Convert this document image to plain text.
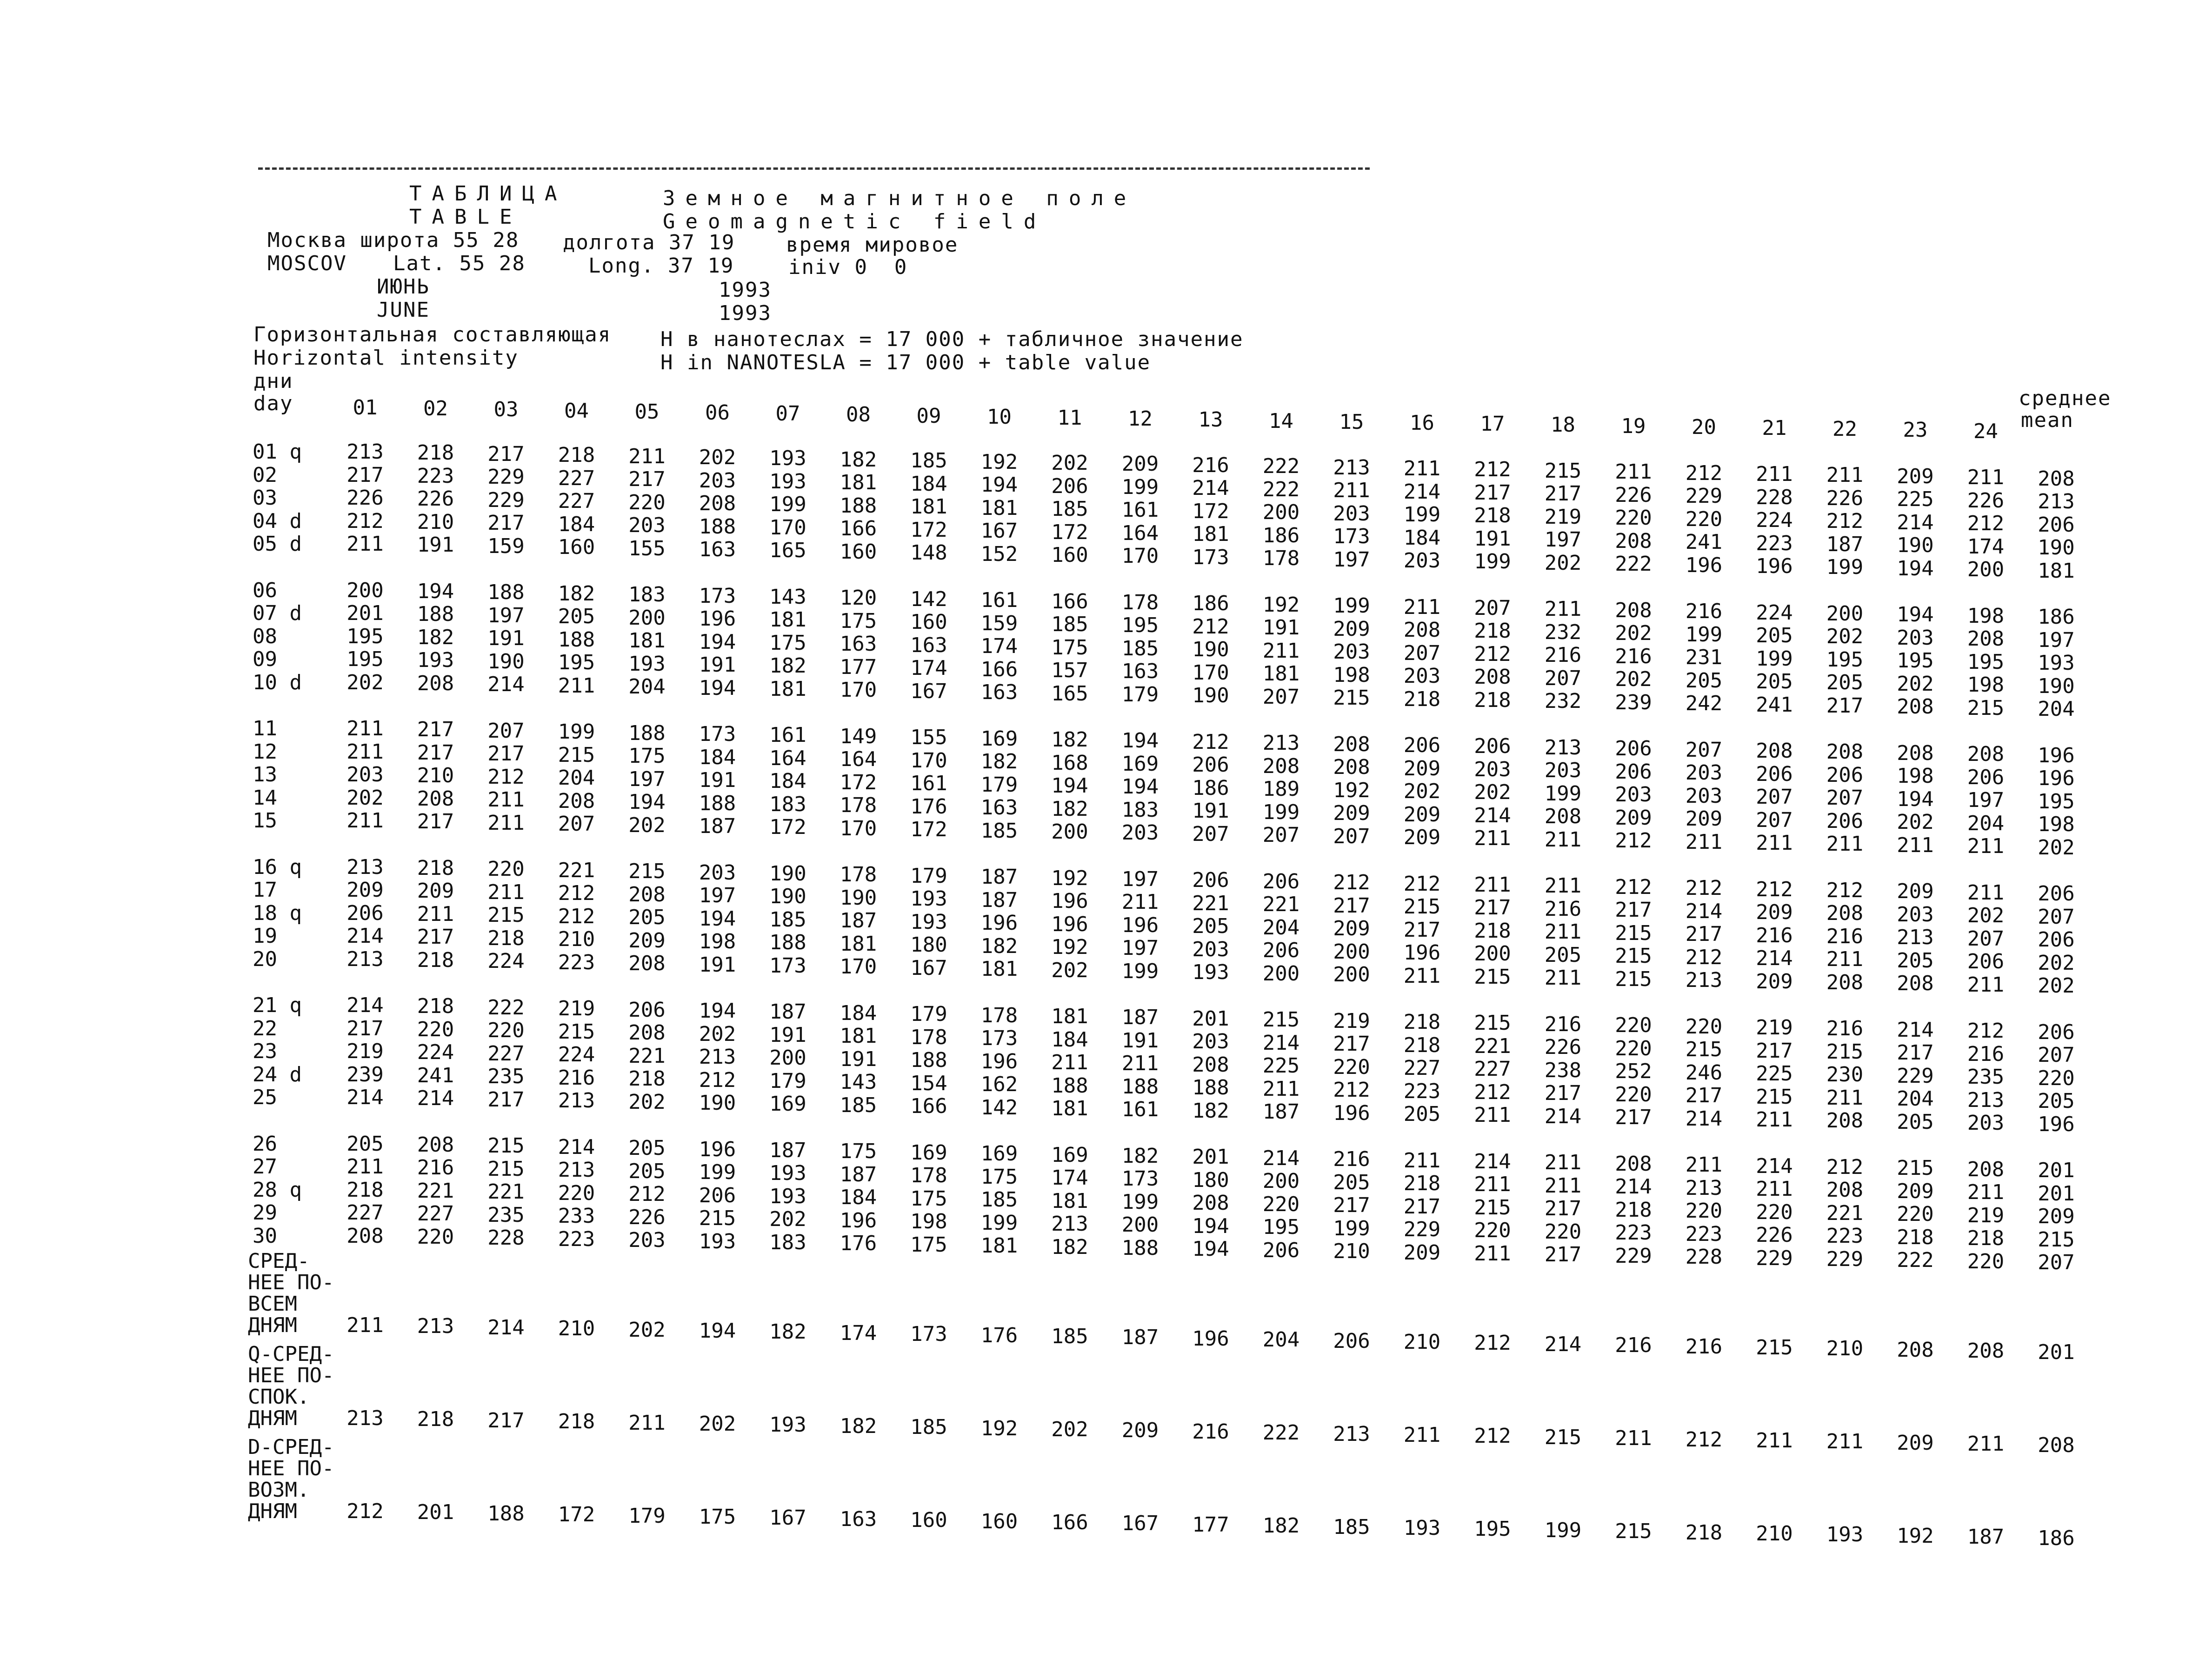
ТАБЛИЦА	Земное магнитное поле
TABLE	Geomagnetic field
Москва широта 55 28 долгота 37 19 время мировое
MOSCOV Lat. 55 28	Long. 37 19	iniv 0  0
ИЮНЬ	1993
JUNE	1993
Горизонтальная составляющая H в нанотеслах = 17 000 + табличное значение
Horizontal intensity	H in NANOTESLA = 17 000 + table value
дни
day	среднее
mean
01 02 03 04 05 06 07 08 09 10 11 12 13 14 15 16 17 18 19 20 21 22 23 24
01 q 213 218 217 218 211 202 193 182 185 192 202 209 216 222 213 211 212 215 211 212 211 211 209 211 208
02	217 223 229 227 217 203 193 181 184 194 206 199 214 222 211 214 217 217 226 229 228 226 225 226 213
03	226 226 229 227 220 208 199 188 181 181 185 161 172 200 203 199 218 219 220 220 224 212 214 212 206
04 d 212 210 217 184 203 188 170 166 172 167 172 164 181 186 173 184 191 197 208 241 223 187 190 174 190
05 d 211 191 159 160 155 163 165 160 148 152 160 170 173 178 197 203 199 202 222 196 196 199 194 200 181
06	200 194 188 182 183 173 143 120 142 161 166 178 186 192 199 211 207 211 208 216 224 200 194 198 186
07 d 201 188 197 205 200 196 181 175 160 159 185 195 212 191 209 208 218 232 202 199 205 202 203 208 197
08	195 182 191 188 181 194 175 163 163 174 175 185 190 211 203 207 212 216 216 231 199 195 195 195 193
09	195 193 190 195 193 191 182 177 174 166 157 163 170 181 198 203 208 207 202 205 205 205 202 198 190
10 d 202 208 214 211 204 194 181 170 167 163 165 179 190 207 215 218 218 232 239 242 241 217 208 215 204
11	211 217 207 199 188 173 161 149 155 169 182 194 212 213 208 206 206 213 206 207 208 208 208 208 196
12	211 217 217 215 175 184 164 164 170 182 168 169 206 208 208 209 203 203 206 203 206 206 198 206 196
13	203 210 212 204 197 191 184 172 161 179 194 194 186 189 192 202 202 199 203 203 207 207 194 197 195
14	202 208 211 208 194 188 183 178 176 163 182 183 191 199 209 209 214 208 209 209 207 206 202 204 198
15	211 217 211 207 202 187 172 170 172 185 200 203 207 207 207 209 211 211 212 211 211 211 211 211 202
16 q 213 218 220 221 215 203 190 178 179 187 192 197 206 206 212 212 211 211 212 212 212 212 209 211 206
17	209 209 211 212 208 197 190 190 193 187 196 211 221 221 217 215 217 216 217 214 209 208 203 202 207
18 q 206 211 215 212 205 194 185 187 193 196 196 196 205 204 209 217 218 211 215 217 216 216 213 207 206
19	214 217 218 210 209 198 188 181 180 182 192 197 203 206 200 196 200 205 215 212 214 211 205 206 202
20	213 218 224 223 208 191 173 170 167 181 202 199 193 200 200 211 215 211 215 213 209 208 208 211 202
21 q 214 218 222 219 206 194 187 184 179 178 181 187 201 215 219 218 215 216 220 220 219 216 214 212 206
22	217 220 220 215 208 202 191 181 178 173 184 191 203 214 217 218 221 226 220 215 217 215 217 216 207
23	219 224 227 224 221 213 200 191 188 196 211 211 208 225 220 227 227 238 252 246 225 230 229 235 220
24 d 239 241 235 216 218 212 179 143 154 162 188 188 188 211 212 223 212 217 220 217 215 211 204 213 205
25	214 214 217 213 202 190 169 185 166 142 181 161 182 187 196 205 211 214 217 214 211 208 205 203 196
26	205 208 215 214 205 196 187 175 169 169 169 182 201 214 216 211 214 211 208 211 214 212 215 208 201
27	211 216 215 213 205 199 193 187 178 175 174 173 180 200 205 218 211 211 214 213 211 208 209 211 201
28 q 218 221 221 220 212 206 193 184 175 185 181 199 208 220 217 217 215 217 218 220 220 221 220 219 209
29	227 227 235 233 226 215 202 196 198 199 213 200 194 195 199 229 220 220 223 223 226 223 218 218 215
30	208 220 228 223 203 193 183 176 175 181 182 188 194 206 210 209 211 217 229 228 229 229 222 220 207
СРЕД-
НЕЕ ПО-
ВСЕМ
ДНЯМ 211 213 214 210 202 194 182 174 173 176 185 187 196 204 206 210 212 214 216 216 215 210 208 208 201
Q-СРЕД-
НЕЕ ПО-
СПОК.
ДНЯМ 213 218 217 218 211 202 193 182 185 192 202 209 216 222 213 211 212 215 211 212 211 211 209 211 208
D-СРЕД-
НЕЕ ПО-
ВОЗМ.
ДНЯМ 212 201 188 172 179 175 167 163 160 160 166 167 177 182 185 193 195 199 215 218 210 193 192 187 186
